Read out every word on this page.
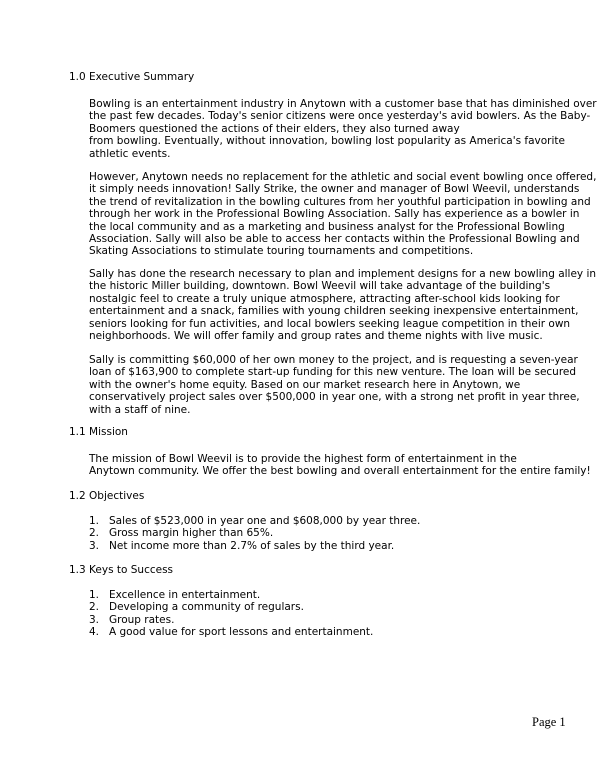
1.0 Executive Summary
Bowling is an entertainment industry in Anytown with a customer base that has diminished over
the past few decades. Today's senior citizens were once yesterday's avid bowlers. As the Baby-
Boomers questioned the actions of their elders, they also turned away
from bowling. Eventually, without innovation, bowling lost popularity as America's favorite
athletic events.
However, Anytown needs no replacement for the athletic and social event bowling once offered,
it simply needs innovation! Sally Strike, the owner and manager of Bowl Weevil, understands
the trend of revitalization in the bowling cultures from her youthful participation in bowling and
through her work in the Professional Bowling Association. Sally has experience as a bowler in
the local community and as a marketing and business analyst for the Professional Bowling
Association. Sally will also be able to access her contacts within the Professional Bowling and
Skating Associations to stimulate touring tournaments and competitions.
Sally has done the research necessary to plan and implement designs for a new bowling alley in
the historic Miller building, downtown. Bowl Weevil will take advantage of the building's
nostalgic feel to create a truly unique atmosphere, attracting after-school kids looking for
entertainment and a snack, families with young children seeking inexpensive entertainment,
seniors looking for fun activities, and local bowlers seeking league competition in their own
neighborhoods. We will offer family and group rates and theme nights with live music.
Sally is committing $60,000 of her own money to the project, and is requesting a seven-year
loan of $163,900 to complete start-up funding for this new venture. The loan will be secured
with the owner's home equity. Based on our market research here in Anytown, we
conservatively project sales over $500,000 in year one, with a strong net profit in year three,
with a staff of nine.
1.1 Mission
The mission of Bowl Weevil is to provide the highest form of entertainment in the
Anytown community. We offer the best bowling and overall entertainment for the entire family!
1.2 Objectives
1. Sales of $523,000 in year one and $608,000 by year three.
2. Gross margin higher than 65%.
3. Net income more than 2.7% of sales by the third year.
1.3 Keys to Success
1. Excellence in entertainment.
2. Developing a community of regulars.
3. Group rates.
4. A good value for sport lessons and entertainment.
Page 1
